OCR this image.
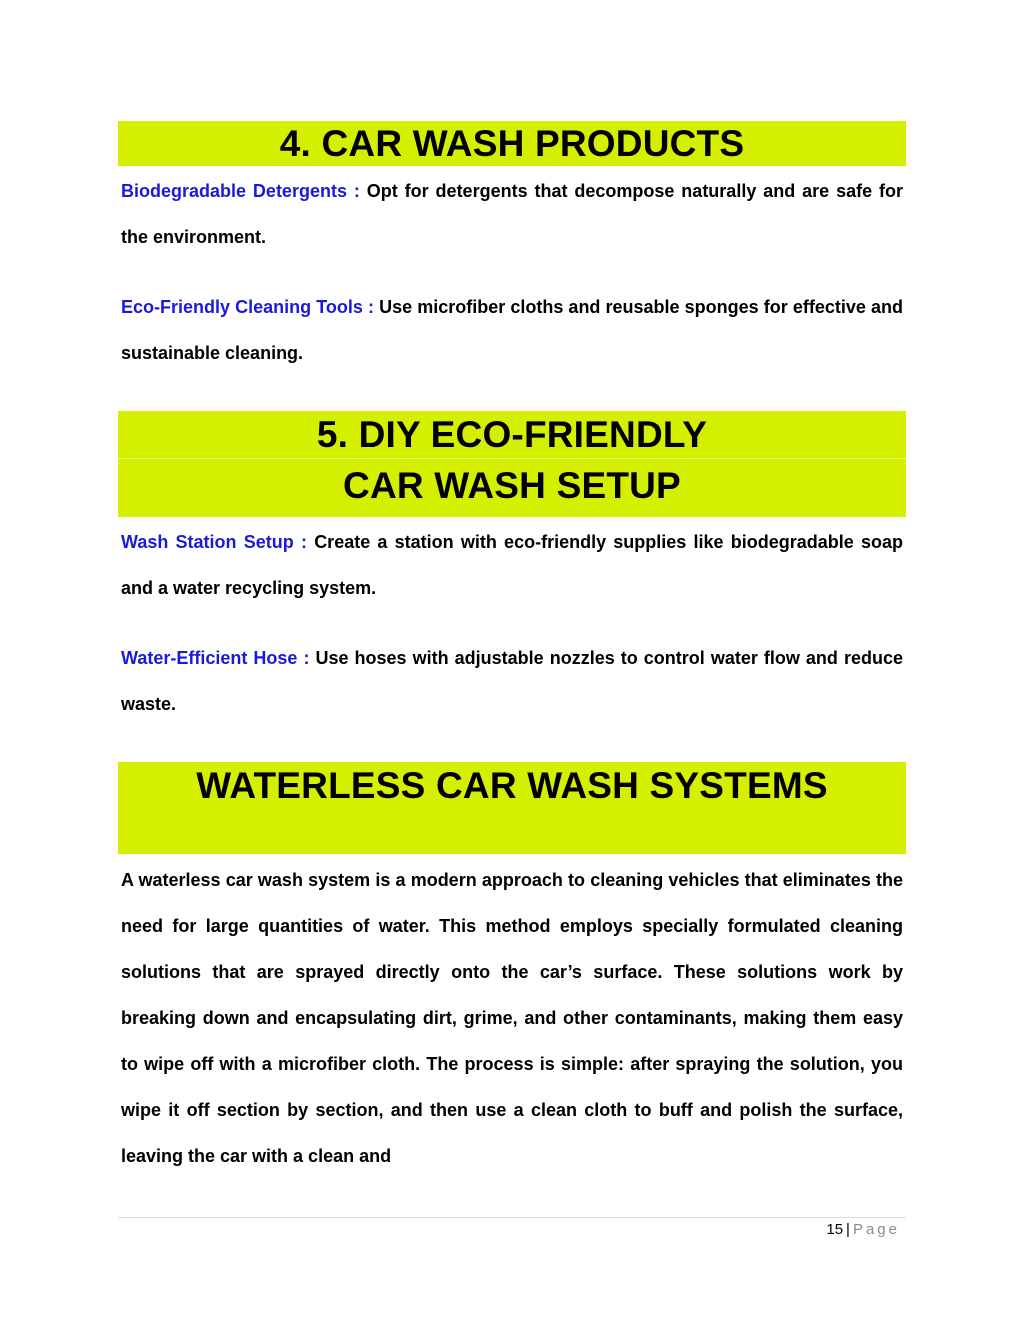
4. CAR WASH PRODUCTS

Biodegradable Detergents : Opt for detergents that decompose naturally and are safe for the environment.

Eco-Friendly Cleaning Tools : Use microfiber cloths and reusable sponges for effective and sustainable cleaning.

5. DIY ECO-FRIENDLY
CAR WASH SETUP

Wash Station Setup : Create a station with eco-friendly supplies like biodegradable soap and a water recycling system.

Water-Efficient Hose : Use hoses with adjustable nozzles to control water flow and reduce waste.

WATERLESS CAR WASH SYSTEMS

A waterless car wash system is a modern approach to cleaning vehicles that eliminates the need for large quantities of water. This method employs specially formulated cleaning solutions that are sprayed directly onto the car’s surface. These solutions work by breaking down and encapsulating dirt, grime, and other contaminants, making them easy to wipe off with a microfiber cloth. The process is simple: after spraying the solution, you wipe it off section by section, and then use a clean cloth to buff and polish the surface, leaving the car with a clean and

15 | Page
